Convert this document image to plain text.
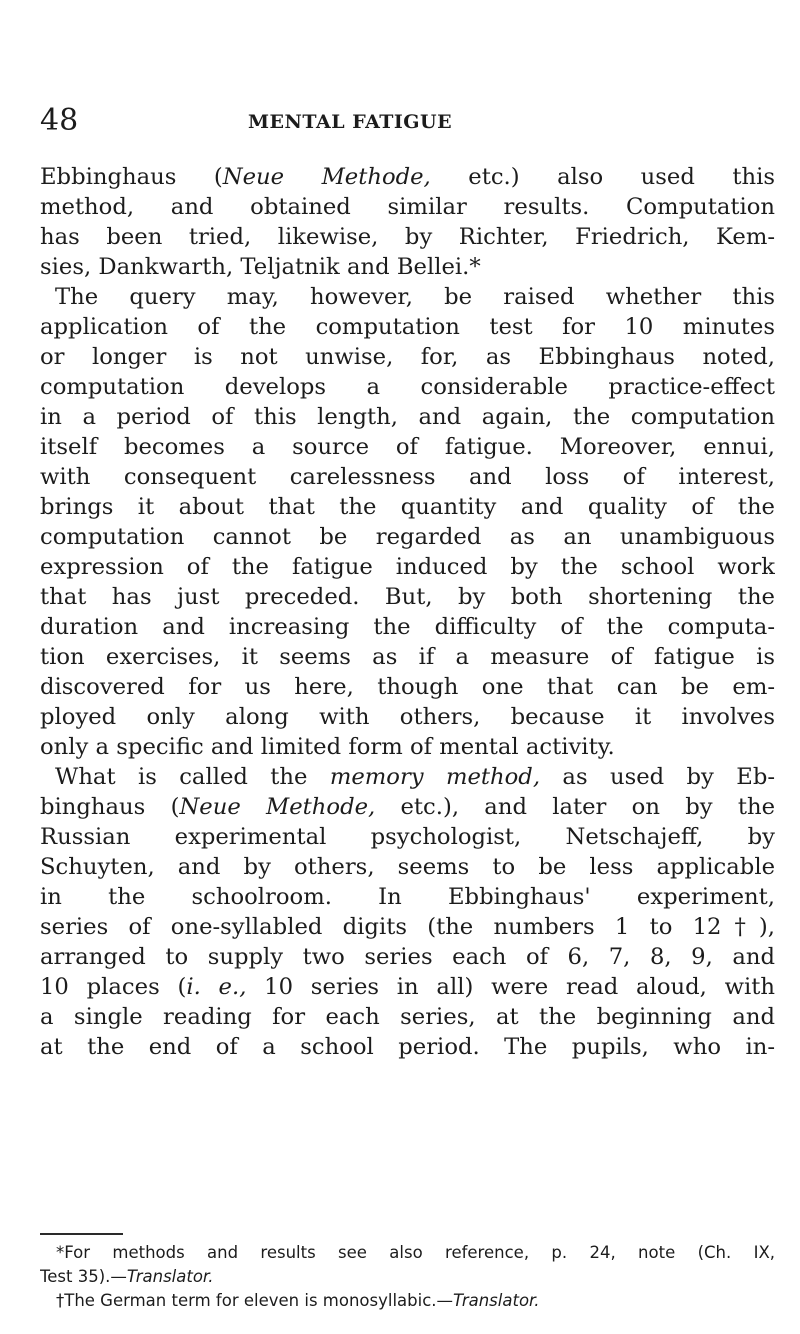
48	MENTAL FATIGUE
Ebbinghaus (Neue Methode, etc.) also used this
method, and obtained similar results. Computation
has been tried, likewise, by Richter, Friedrich, Kem-
sies, Dankwarth, Teljatnik and Bellei.*
The query may, however, be raised whether this
application of the computation test for 10 minutes
or longer is not unwise, for, as Ebbinghaus noted,
computation develops a considerable practice-effect
in a period of this length, and again, the computation
itself becomes a source of fatigue. Moreover, ennui,
with consequent carelessness and loss of interest,
brings it about that the quantity and quality of the
computation cannot be regarded as an unambiguous
expression of the fatigue induced by the school work
that has just preceded. But, by both shortening the
duration and increasing the difficulty of the computa-
tion exercises, it seems as if a measure of fatigue is
discovered for us here, though one that can be em-
ployed only along with others, because it involves
only a specific and limited form of mental activity.
What is called the memory method, as used by Eb-
binghaus (Neue Methode, etc.), and later on by the
Russian experimental psychologist, Netschajeff, by
Schuyten, and by others, seems to be less applicable
in the schoolroom. In Ebbinghaus' experiment,
series of one-syllabled digits (the numbers 1 to 12†),
arranged to supply two series each of 6, 7, 8, 9, and
10 places (i. e., 10 series in all) were read aloud, with
a single reading for each series, at the beginning and
at the end of a school period. The pupils, who in-
*For methods and results see also reference, p. 24, note (Ch. IX,
Test 35).—Translator.
†The German term for eleven is monosyllabic.—Translator.
